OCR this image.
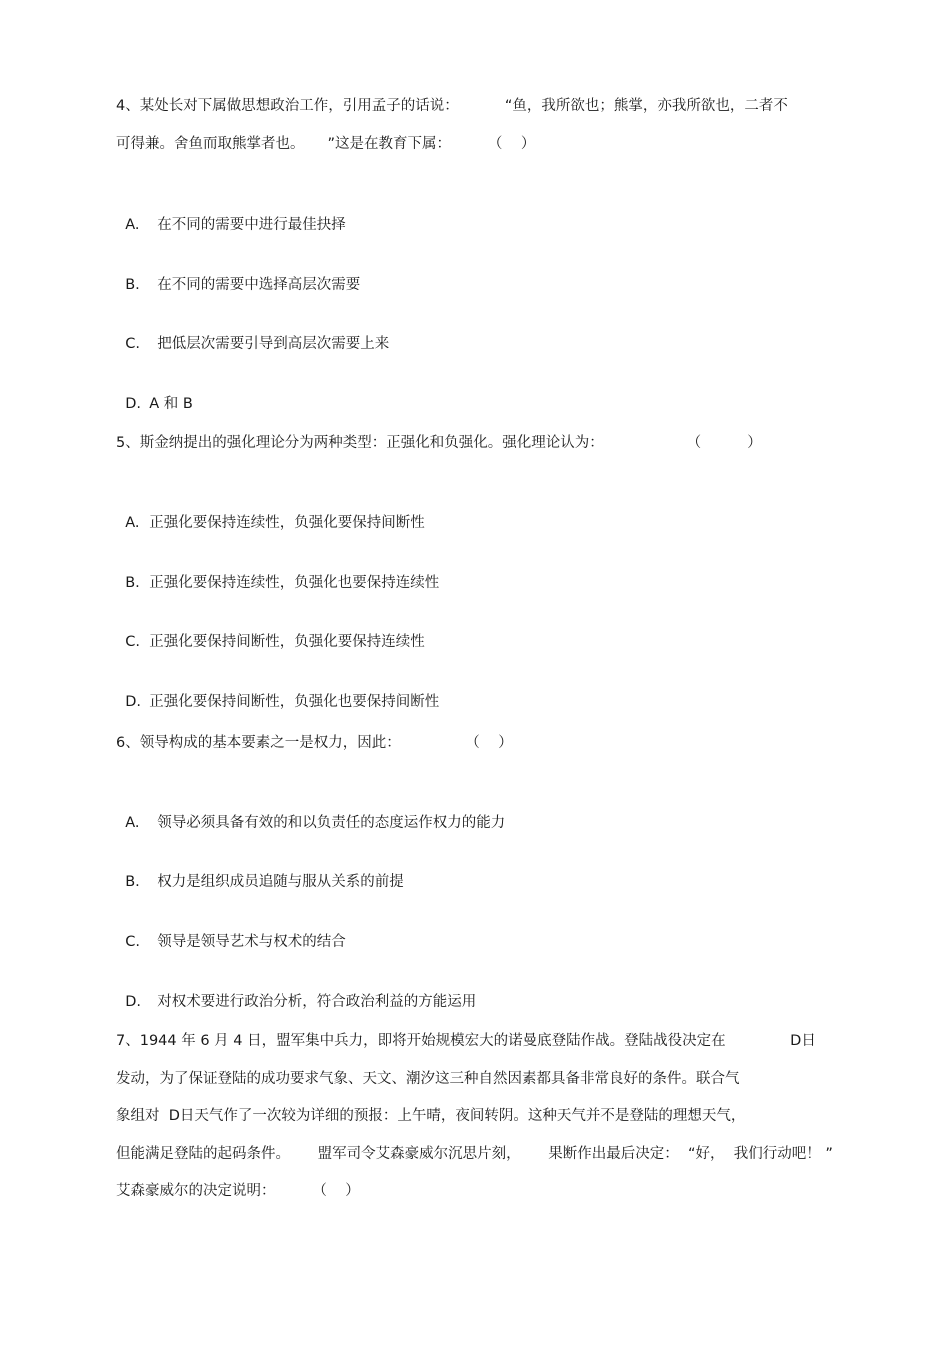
4、某处长对下属做思想政治工作，引用孟子的话说：          “鱼，我所欲也；熊掌，亦我所欲也，二者不
可得兼。舍鱼而取熊掌者也。     ”这是在教育下属：        （    ）

A. 在不同的需要中进行最佳抉择

B. 在不同的需要中选择高层次需要

C. 把低层次需要引导到高层次需要上来

D. A 和 B

5、斯金纳提出的强化理论分为两种类型：正强化和负强化。强化理论认为：                  （          ）

A. 正强化要保持连续性，负强化要保持间断性

B. 正强化要保持连续性，负强化也要保持连续性

C. 正强化要保持间断性，负强化要保持连续性

D. 正强化要保持间断性，负强化也要保持间断性

6、领导构成的基本要素之一是权力，因此：              （    ）

A. 领导必须具备有效的和以负责任的态度运作权力的能力

B. 权力是组织成员追随与服从关系的前提

C. 领导是领导艺术与权术的结合

D. 对权术要进行政治分析，符合政治利益的方能运用

7、1944 年 6 月 4 日，盟军集中兵力，即将开始规模宏大的诺曼底登陆作战。登陆战役决定在              D日
发动，为了保证登陆的成功要求气象、天文、潮汐这三种自然因素都具备非常良好的条件。联合气
象组对  D日天气作了一次较为详细的预报：上午晴，夜间转阴。这种天气并不是登陆的理想天气，
但能满足登陆的起码条件。      盟军司令艾森豪威尔沉思片刻，      果断作出最后决定：  “好，  我们行动吧！ ”
艾森豪威尔的决定说明：        （    ）
